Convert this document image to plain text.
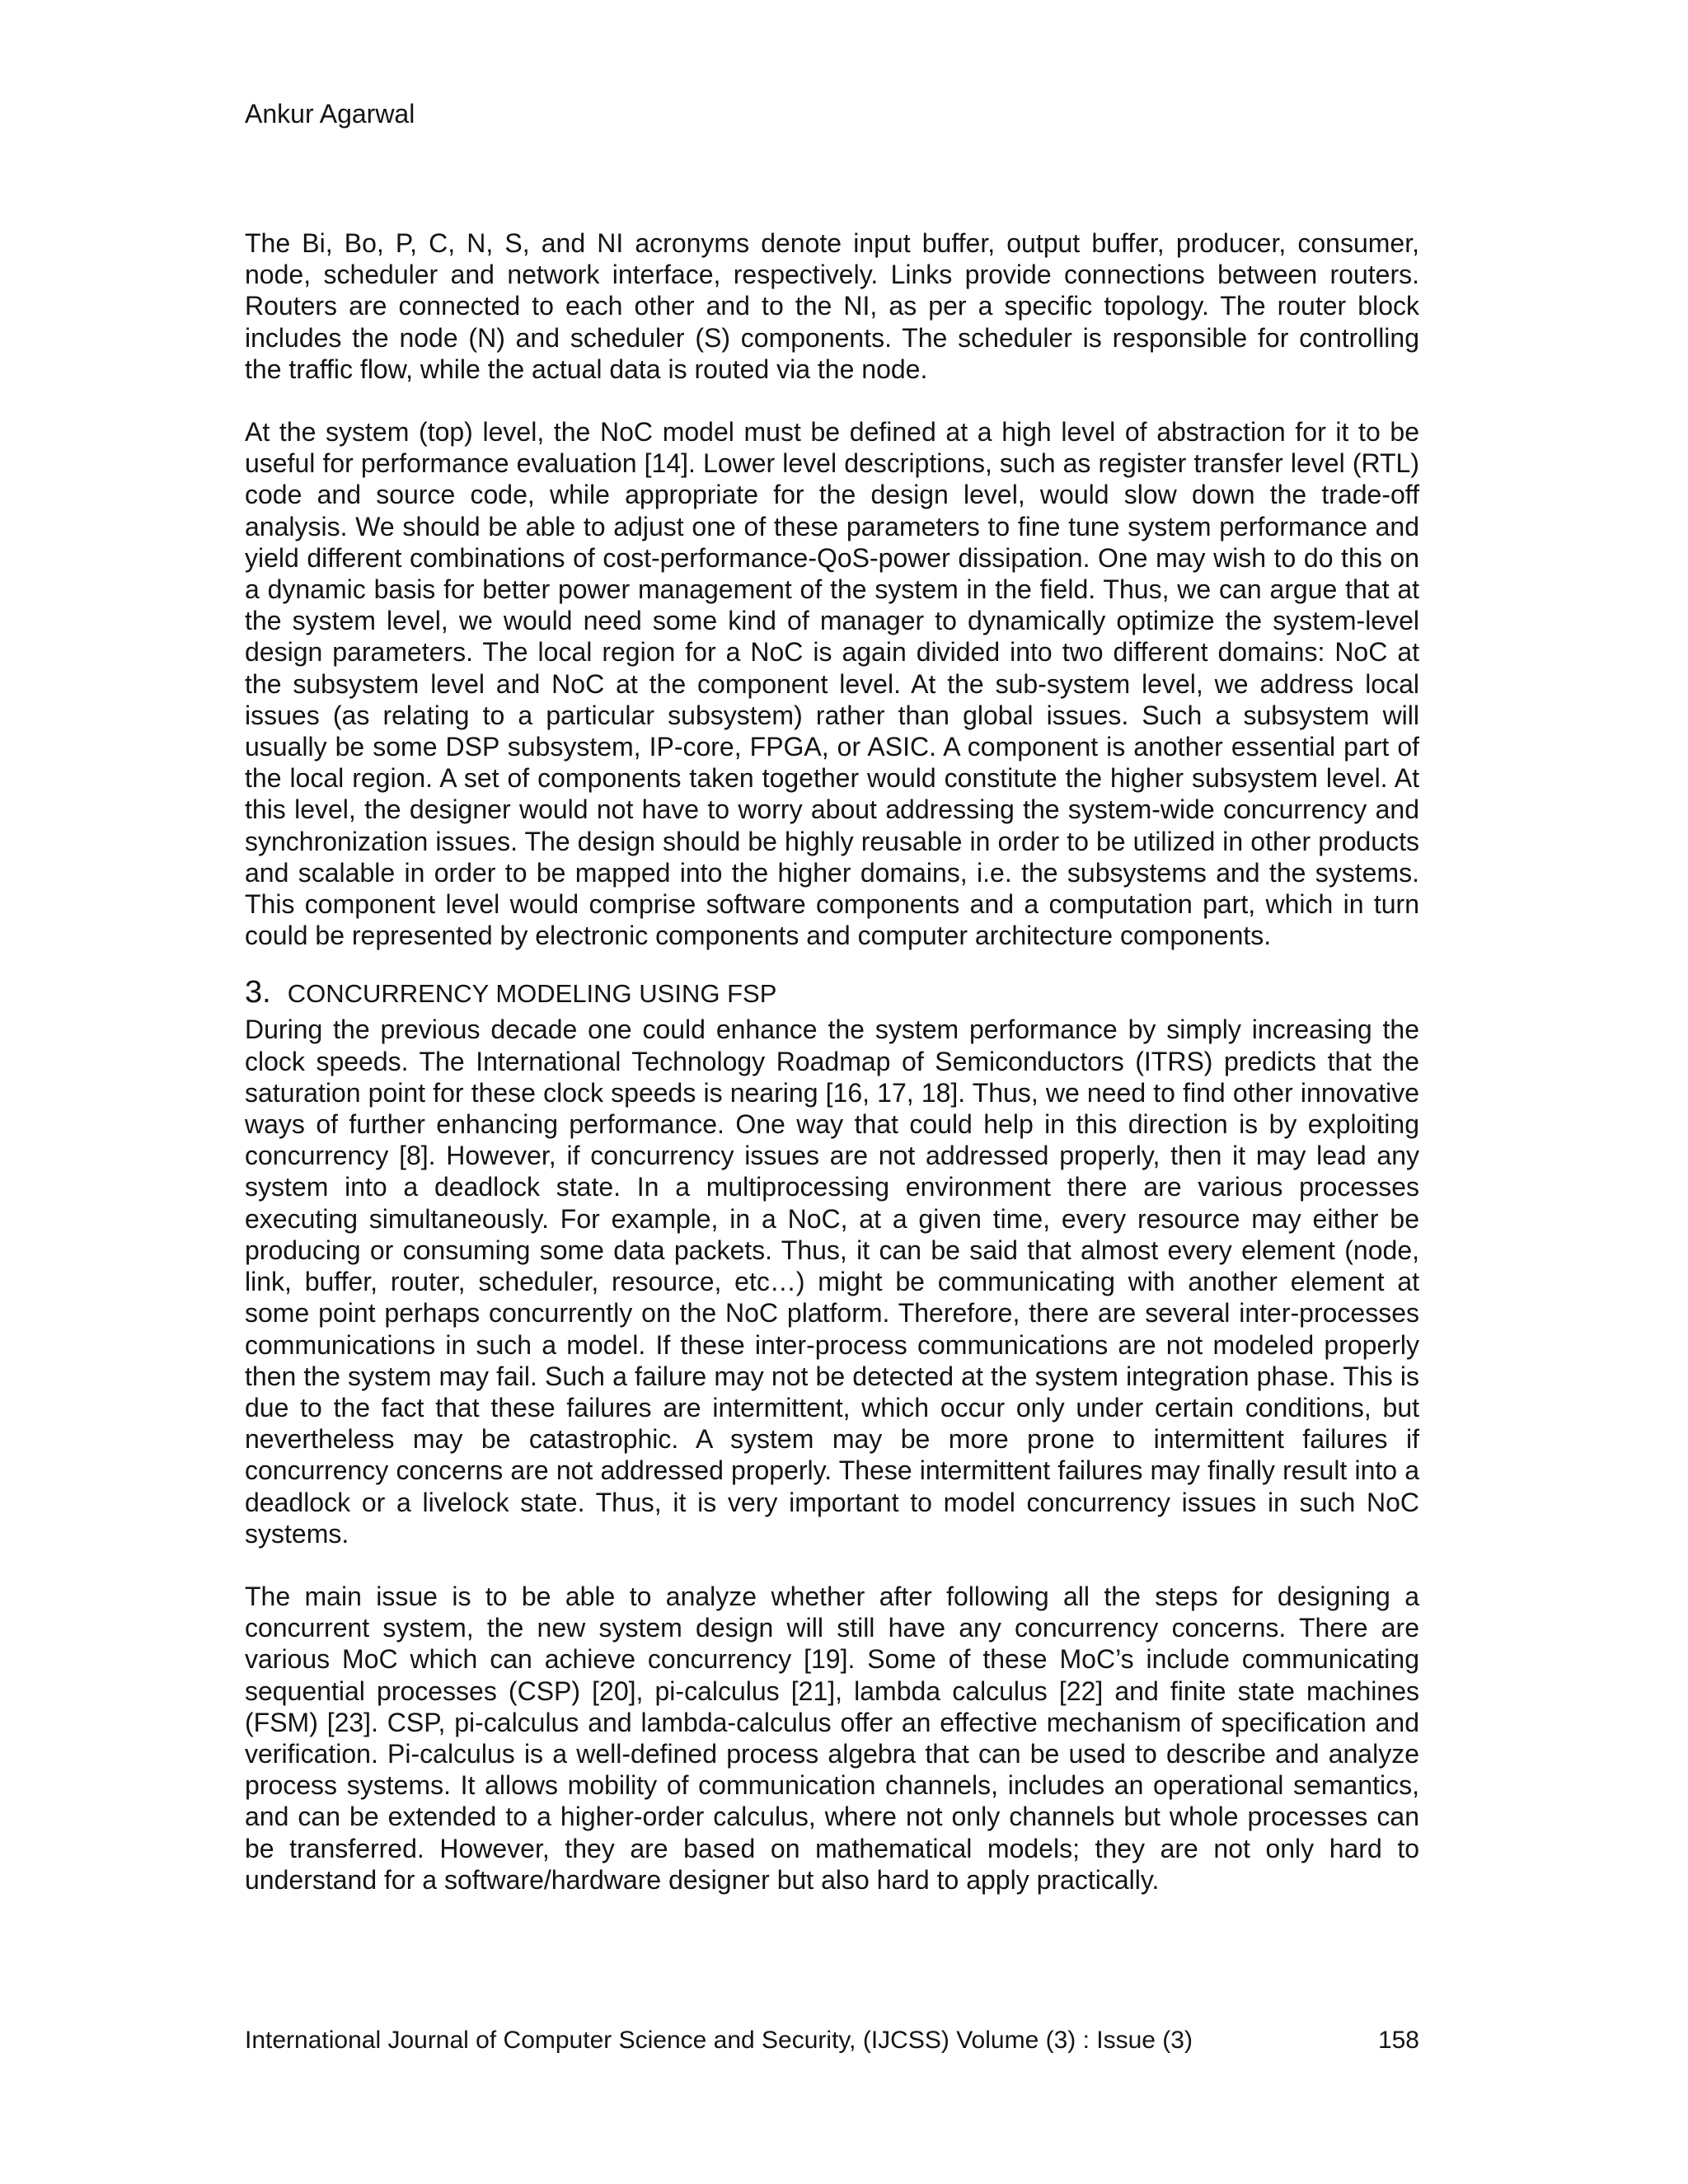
Ankur Agarwal

The Bi, Bo, P, C, N, S, and NI acronyms denote input buffer, output buffer, producer, consumer, node, scheduler and network interface, respectively. Links provide connections between routers. Routers are connected to each other and to the NI, as per a specific topology. The router block includes the node (N) and scheduler (S) components. The scheduler is responsible for controlling the traffic flow, while the actual data is routed via the node.

At the system (top) level, the NoC model must be defined at a high level of abstraction for it to be useful for performance evaluation [14]. Lower level descriptions, such as register transfer level (RTL) code and source code, while appropriate for the design level, would slow down the trade-off analysis. We should be able to adjust one of these parameters to fine tune system performance and yield different combinations of cost-performance-QoS-power dissipation. One may wish to do this on a dynamic basis for better power management of the system in the field. Thus, we can argue that at the system level, we would need some kind of manager to dynamically optimize the system-level design parameters. The local region for a NoC is again divided into two different domains: NoC at the subsystem level and NoC at the component level. At the sub-system level, we address local issues (as relating to a particular subsystem) rather than global issues. Such a subsystem will usually be some DSP subsystem, IP-core, FPGA, or ASIC. A component is another essential part of the local region. A set of components taken together would constitute the higher subsystem level. At this level, the designer would not have to worry about addressing the system-wide concurrency and synchronization issues. The design should be highly reusable in order to be utilized in other products and scalable in order to be mapped into the higher domains, i.e. the subsystems and the systems. This component level would comprise software components and a computation part, which in turn could be represented by electronic components and computer architecture components.

3. CONCURRENCY MODELING USING FSP

During the previous decade one could enhance the system performance by simply increasing the clock speeds. The International Technology Roadmap of Semiconductors (ITRS) predicts that the saturation point for these clock speeds is nearing [16, 17, 18]. Thus, we need to find other innovative ways of further enhancing performance. One way that could help in this direction is by exploiting concurrency [8]. However, if concurrency issues are not addressed properly, then it may lead any system into a deadlock state. In a multiprocessing environment there are various processes executing simultaneously. For example, in a NoC, at a given time, every resource may either be producing or consuming some data packets. Thus, it can be said that almost every element (node, link, buffer, router, scheduler, resource, etc…) might be communicating with another element at some point perhaps concurrently on the NoC platform. Therefore, there are several inter-processes communications in such a model. If these inter-process communications are not modeled properly then the system may fail. Such a failure may not be detected at the system integration phase. This is due to the fact that these failures are intermittent, which occur only under certain conditions, but nevertheless may be catastrophic. A system may be more prone to intermittent failures if concurrency concerns are not addressed properly. These intermittent failures may finally result into a deadlock or a livelock state. Thus, it is very important to model concurrency issues in such NoC systems.

The main issue is to be able to analyze whether after following all the steps for designing a concurrent system, the new system design will still have any concurrency concerns. There are various MoC which can achieve concurrency [19]. Some of these MoC’s include communicating sequential processes (CSP) [20], pi-calculus [21], lambda calculus [22] and finite state machines (FSM) [23]. CSP, pi-calculus and lambda-calculus offer an effective mechanism of specification and verification. Pi-calculus is a well-defined process algebra that can be used to describe and analyze process systems. It allows mobility of communication channels, includes an operational semantics, and can be extended to a higher-order calculus, where not only channels but whole processes can be transferred. However, they are based on mathematical models; they are not only hard to understand for a software/hardware designer but also hard to apply practically.

International Journal of Computer Science and Security, (IJCSS) Volume (3) : Issue (3)	158
